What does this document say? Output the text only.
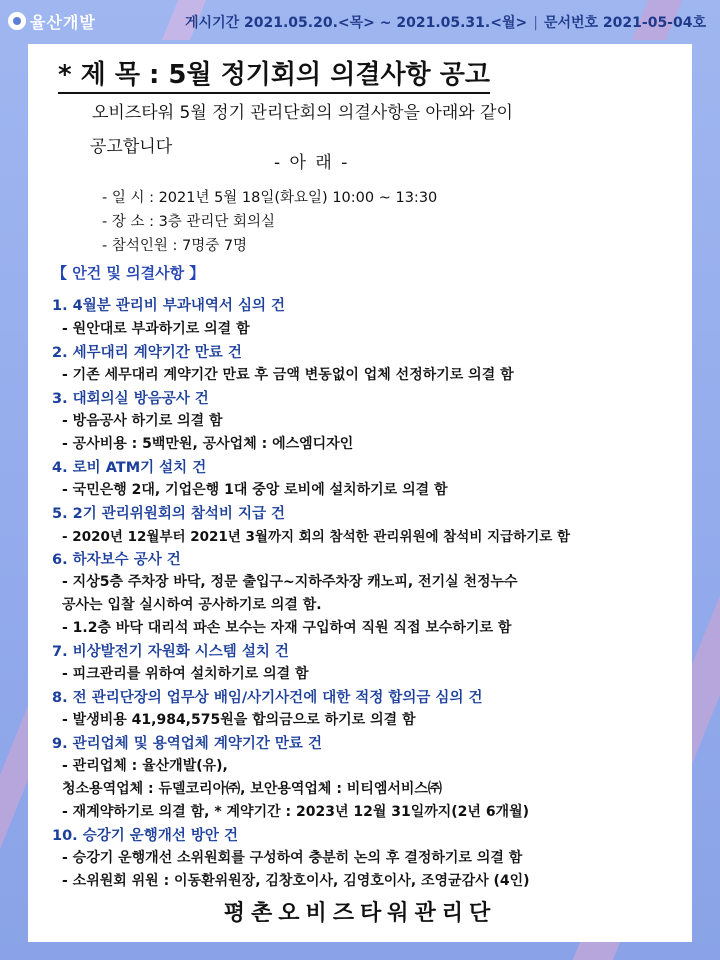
율산개발	게시기간 2021.05.20.<목> ~ 2021.05.31.<월> | 문서번호 2021-05-04호
* 제 목 : 5월 정기회의 의결사항 공고
오비즈타워 5월 정기 관리단회의 의결사항을 아래와 같이
공고합니다
- 아 래 -
- 일 시 : 2021년 5월 18일(화요일) 10:00 ~ 13:30
- 장 소 : 3층 관리단 회의실
- 참석인원 : 7명중 7명
【 안건 및 의결사항 】
1. 4월분 관리비 부과내역서 심의 건
- 원안대로 부과하기로 의결 함
2. 세무대리 계약기간 만료 건
- 기존 세무대리 계약기간 만료 후 금액 변동없이 업체 선정하기로 의결 함
3. 대회의실 방음공사 건
- 방음공사 하기로 의결 함
- 공사비용 : 5백만원, 공사업체 : 에스엠디자인
4. 로비 ATM기 설치 건
- 국민은행 2대, 기업은행 1대 중앙 로비에 설치하기로 의결 함
5. 2기 관리위원회의 참석비 지급 건
- 2020년 12월부터 2021년 3월까지 회의 참석한 관리위원에 참석비 지급하기로 함
6. 하자보수 공사 건
- 지상5층 주차장 바닥, 정문 출입구~지하주차장 캐노피, 전기실 천정누수
공사는 입찰 실시하여 공사하기로 의결 함.
- 1.2층 바닥 대리석 파손 보수는 자재 구입하여 직원 직접 보수하기로 함
7. 비상발전기 자원화 시스템 설치 건
- 피크관리를 위하여 설치하기로 의결 함
8. 전 관리단장의 업무상 배임/사기사건에 대한 적정 합의금 심의 건
- 발생비용 41,984,575원을 합의금으로 하기로 의결 함
9. 관리업체 및 용역업체 계약기간 만료 건
- 관리업체 : 율산개발(유),
청소용역업체 : 듀델코리아㈜, 보안용역업체 : 비티엠서비스㈜
- 재계약하기로 의결 함, * 계약기간 : 2023년 12월 31일까지(2년 6개월)
10. 승강기 운행개선 방안 건
- 승강기 운행개선 소위원회를 구성하여 충분히 논의 후 결정하기로 의결 함
- 소위원회 위원 : 이동환위원장, 김창호이사, 김영호이사, 조영균감사 (4인)
평촌오비즈타워관리단
